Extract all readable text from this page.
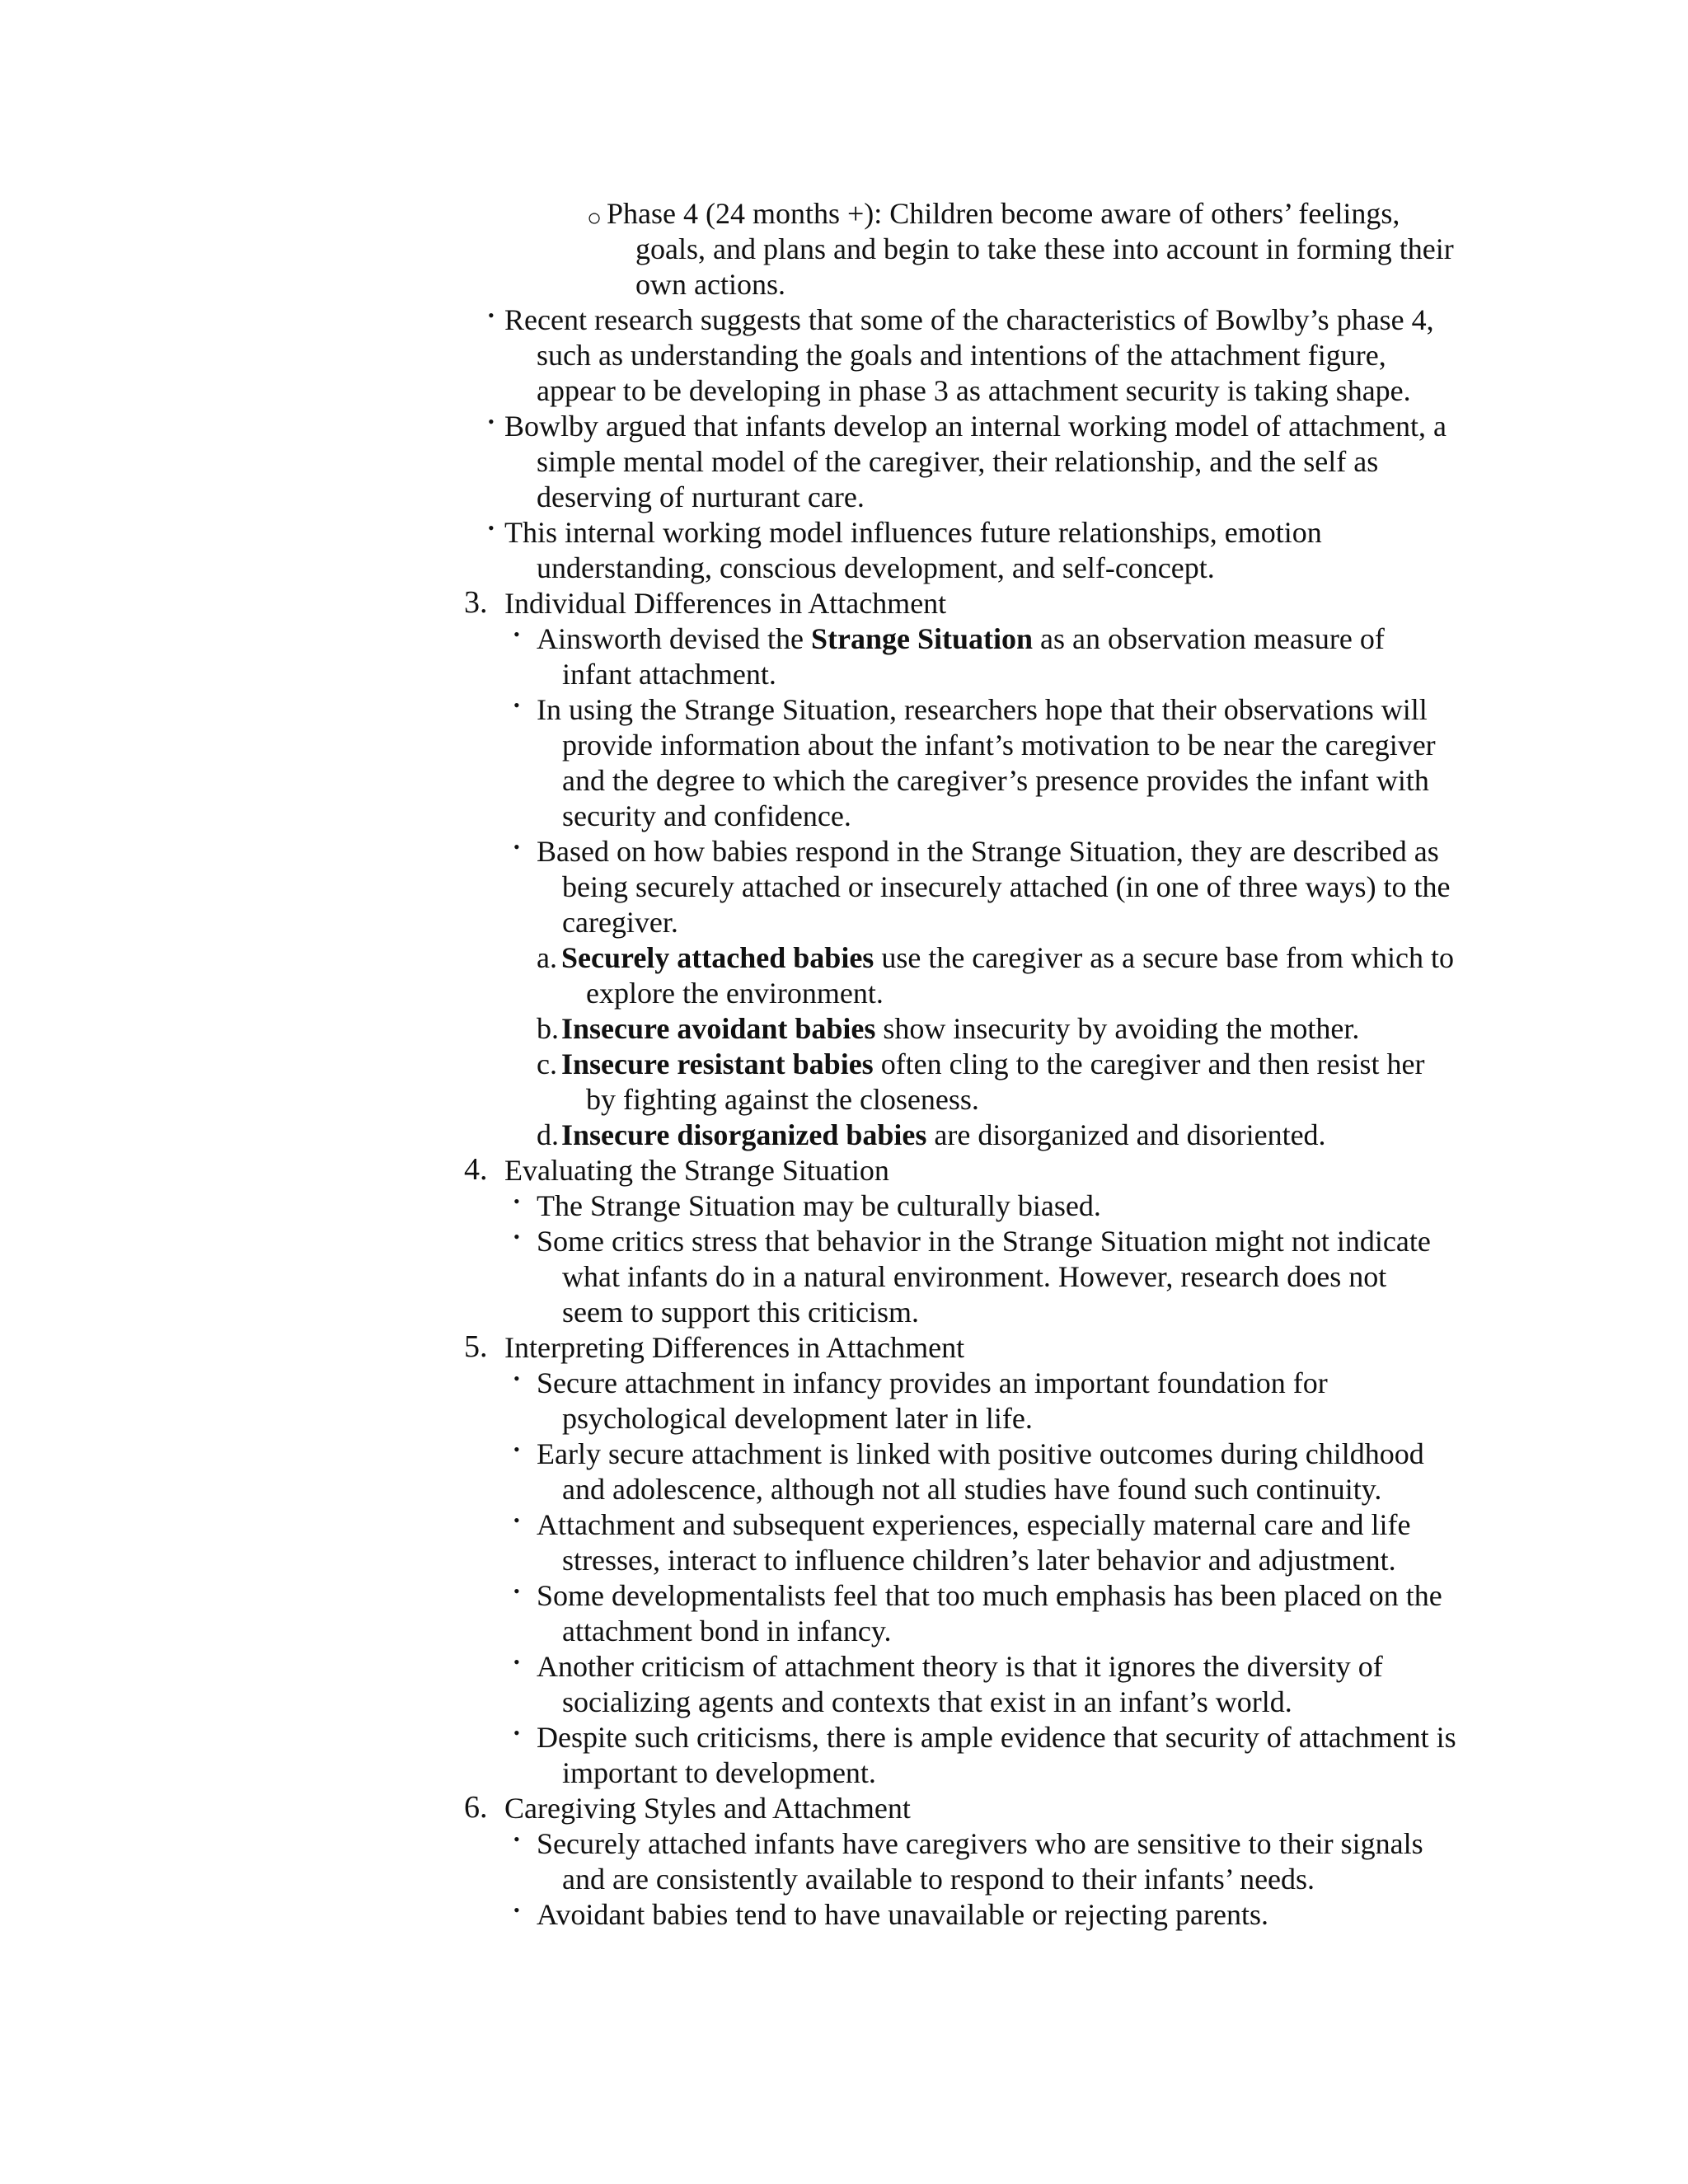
○ Phase 4 (24 months +): Children become aware of others’ feelings,

goals, and plans and begin to take these into account in forming their

own actions.

• Recent research suggests that some of the characteristics of Bowlby’s phase 4,

such as understanding the goals and intentions of the attachment figure,

appear to be developing in phase 3 as attachment security is taking shape.

• Bowlby argued that infants develop an internal working model of attachment, a

simple mental model of the caregiver, their relationship, and the self as

deserving of nurturant care.

• This internal working model influences future relationships, emotion

understanding, conscious development, and self-concept.

3. Individual Differences in Attachment

• Ainsworth devised the Strange Situation as an observation measure of

infant attachment.

• In using the Strange Situation, researchers hope that their observations will

provide information about the infant’s motivation to be near the caregiver

and the degree to which the caregiver’s presence provides the infant with

security and confidence.

• Based on how babies respond in the Strange Situation, they are described as

being securely attached or insecurely attached (in one of three ways) to the

caregiver.

a. Securely attached babies use the caregiver as a secure base from which to

explore the environment.

b. Insecure avoidant babies show insecurity by avoiding the mother.

c. Insecure resistant babies often cling to the caregiver and then resist her

by fighting against the closeness.

d. Insecure disorganized babies are disorganized and disoriented.

4. Evaluating the Strange Situation

• The Strange Situation may be culturally biased.

• Some critics stress that behavior in the Strange Situation might not indicate

what infants do in a natural environment. However, research does not

seem to support this criticism.

5. Interpreting Differences in Attachment

• Secure attachment in infancy provides an important foundation for

psychological development later in life.

• Early secure attachment is linked with positive outcomes during childhood

and adolescence, although not all studies have found such continuity.

• Attachment and subsequent experiences, especially maternal care and life

stresses, interact to influence children’s later behavior and adjustment.

• Some developmentalists feel that too much emphasis has been placed on the

attachment bond in infancy.

• Another criticism of attachment theory is that it ignores the diversity of

socializing agents and contexts that exist in an infant’s world.

• Despite such criticisms, there is ample evidence that security of attachment is

important to development.

6. Caregiving Styles and Attachment

• Securely attached infants have caregivers who are sensitive to their signals

and are consistently available to respond to their infants’ needs.

• Avoidant babies tend to have unavailable or rejecting parents.
